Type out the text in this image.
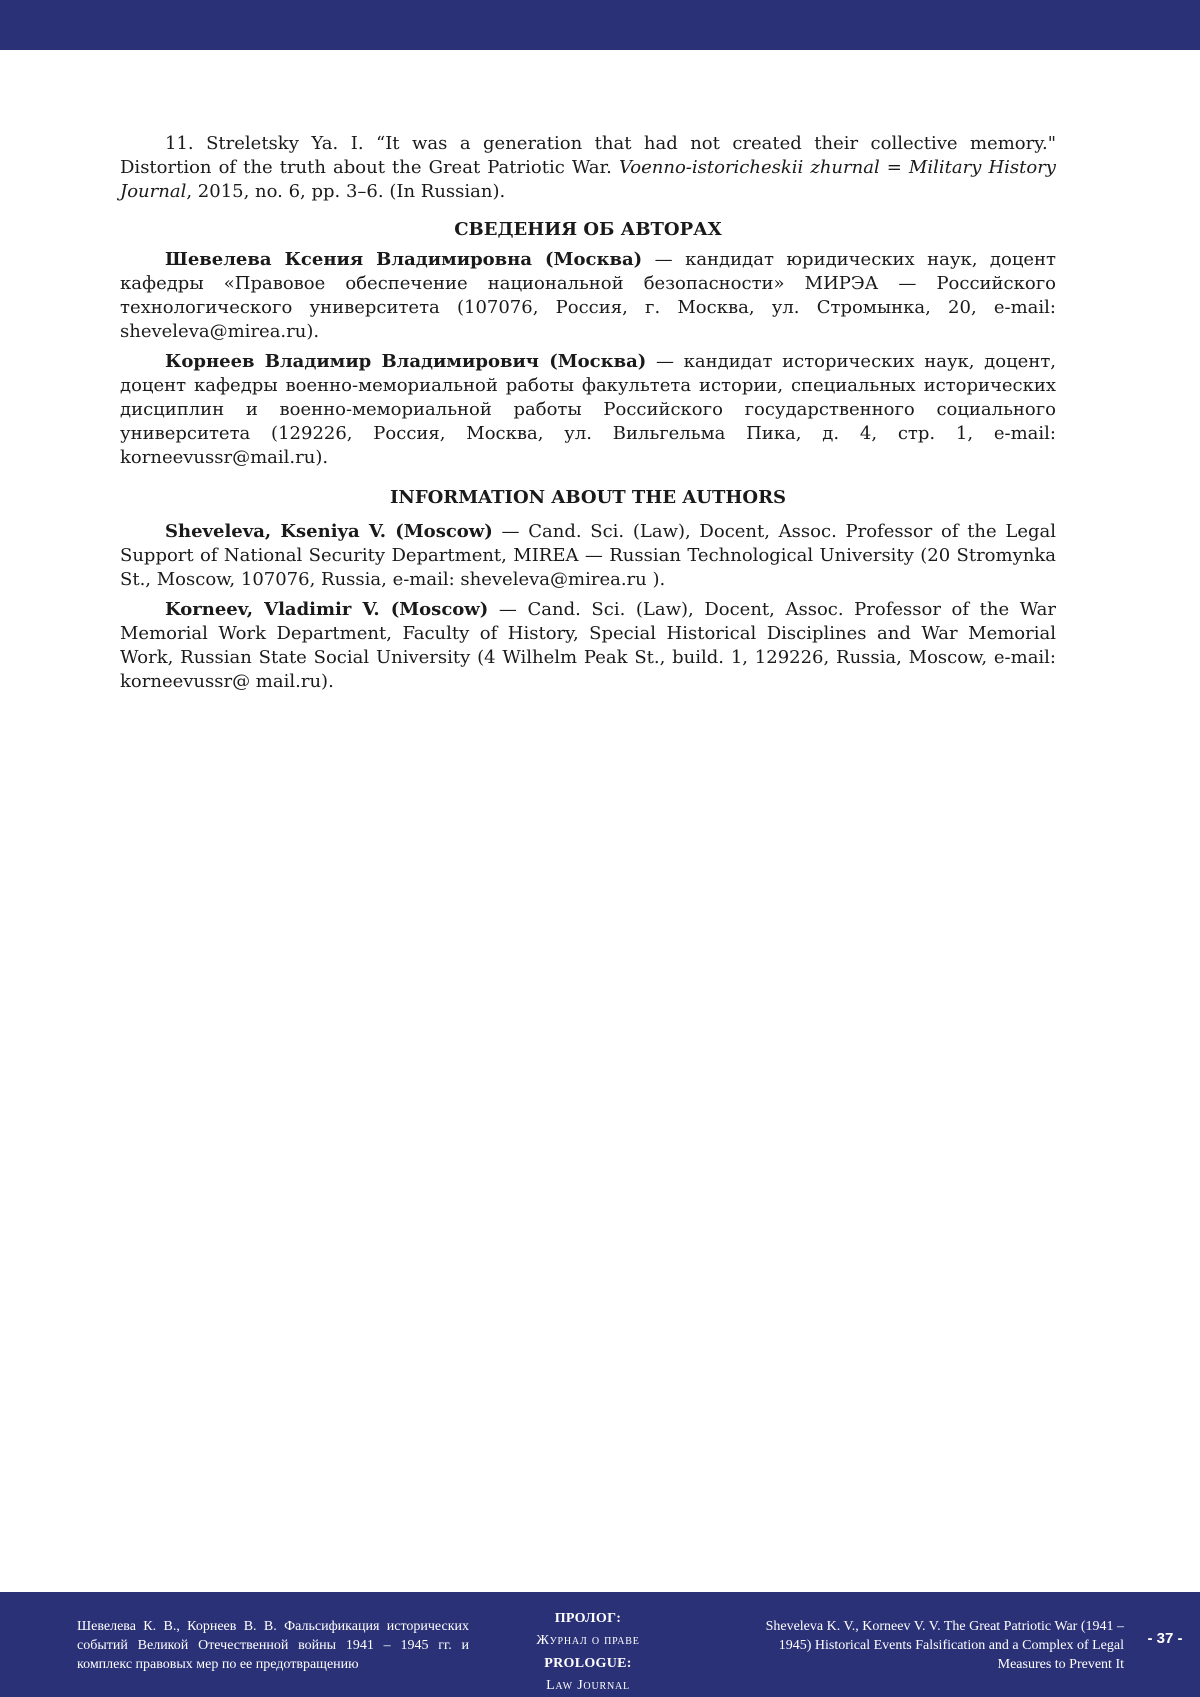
11. Streletsky Ya. I. “It was a generation that had not created their collective memory." Distortion of the truth about the Great Patriotic War. Voenno-istoricheskii zhurnal = Military History Journal, 2015, no. 6, pp. 3–6. (In Russian).

СВЕДЕНИЯ ОБ АВТОРАХ

Шевелева Ксения Владимировна (Москва) — кандидат юридических наук, доцент кафедры «Правовое обеспечение национальной безопасности» МИРЭА — Российского технологического университета (107076, Россия, г. Москва, ул. Стромынка, 20, e-mail: sheveleva@mirea.ru).

Корнеев Владимир Владимирович (Москва) — кандидат исторических наук, доцент, доцент кафедры военно-мемориальной работы факультета истории, специальных исторических дисциплин и военно-мемориальной работы Российского государственного социального университета (129226, Россия, Москва, ул. Вильгельма Пика, д. 4, стр. 1, e-mail: korneevussr@mail.ru).

INFORMATION ABOUT THE AUTHORS

Sheveleva, Kseniya V. (Moscow) — Cand. Sci. (Law), Docent, Assoc. Professor of the Legal Support of National Security Department, MIREA — Russian Technological University (20 Stromynka St., Moscow, 107076, Russia, e-mail: sheveleva@mirea.ru ).

Korneev, Vladimir V. (Moscow) — Cand. Sci. (Law), Docent, Assoc. Professor of the War Memorial Work Department, Faculty of History, Special Historical Disciplines and War Memorial Work, Russian State Social University (4 Wilhelm Peak St., build. 1, 129226, Russia, Moscow, e-mail: korneevussr@ mail.ru).

Шевелева К. В., Корнеев В. В. Фальсификация исторических событий Великой Отечественной войны 1941 – 1945 гг. и комплекс правовых мер по ее предотвращению
ПРОЛОГ:
Журнал о праве
PROLOGUE:
Law Journal
Sheveleva K. V., Korneev V. V. The Great Patriotic War (1941 – 1945) Historical Events Falsification and a Complex of Legal Measures to Prevent It
- 37 -
